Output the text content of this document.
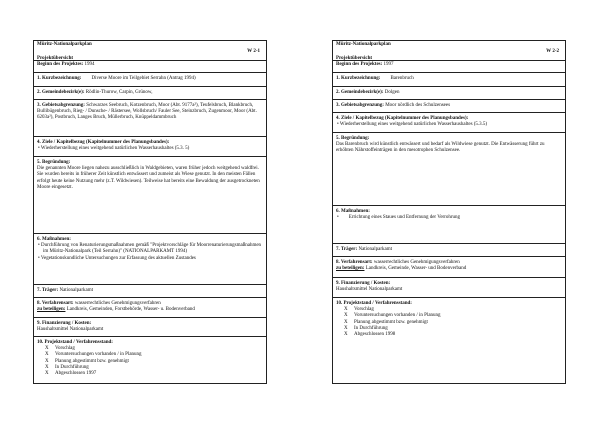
Müritz-Nationalparkplan
W 2-1
Projektübersicht
Beginn des Projektes: 1994
1. Kurzbezeichnung: Diverse Moore im Teilgebiet Serrahn (Antrag 1994)
2. Gemeindebezirk(e): Rödlin-Thurow, Carpin, Grünow,
3. Gebietsabgrenzung: Schwarzes Seebruch, Kotzenbruch, Moor (Abt. 9177a²), Teufelsbruch, Blankbruch, Bullibügenbruch, Rieg- / Dunsche- / Rästersee, Wollsbruch/ Fauler See, Steinzbruch, Zugenmoor, Moor (Abt. 6203a²), Postbruch, Langes Bruch, Müllerbruch, Knüppeldammbruch
4. Ziele / Kapitelbezug (Kapitelnummer des Planungsbandes):
• Wiederherstellung eines weitgehend natürlichen Wasserhaushaltes (5.3. 5)
5. Begründung:
Die genannten Moore liegen nahezu ausschließlich in Waldgebieten, waren früher jedoch weitgehend waldfrei. Sie wurden bereits in früherer Zeit künstlich entwässert und zumeist als Wiese genutzt. In den meisten Fällen erfolgt heute keine Nutzung mehr (z.T. Wildwiesen). Teilweise hat bereits eine Bewaldung der ausgetrockneten Moore eingesetzt.
6. Maßnahmen:
• Durchführung von Renaturierungsmaßnahmen gemäß "Projektvorschläge für Moorrenaturierungsmaßnahmen im Müritz-Nationalpark (Teil Serrahn)" (NATIONALPARKAMT 1994)
• Vegetationskundliche Untersuchungen zur Erfassung des aktuellen Zustandes
7. Träger: Nationalparkamt
8. Verfahrensart: wasserrechtliches Genehmigungsverfahren
zu beteiligen: Landkreis, Gemeinden, Forstbehörde, Wasser- u. Bodenverband
9. Finanzierung / Kosten:
Haushaltsmittel Nationalparkamt
10. Projektstand / Verfahrensstand:
X Vorschlag
X Voruntersuchungen vorhanden / in Planung
X Planung abgestimmt bzw. genehmigt
X In Durchführung
X Abgeschlossen 1997
Müritz-Nationalparkplan
W 2-2
Projektübersicht
Beginn des Projektes: 1997
1. Kurzbezeichnung: Barenbruch
2. Gemeindebezirk(e): Dolgen
3. Gebietsabgrenzung: Moor nördlich des Schulzensees
4. Ziele / Kapitelbezug (Kapitelnummer des Planungsbandes):
• Wiederherstellung eines weitgehend natürlichen Wasserhaushaltes (5.3.5)
5. Begründung:
Das Barenbruch wird künstlich entwässert und bedarf als Wildwiese genutzt. Die Entwässerung führt zu erhöhten Nährstoffeinträgen in den mesotrophen Schulzensee.
6. Maßnahmen:
• Errichtung eines Staues und Entfernung der Verrohrung
7. Träger: Nationalparkamt
8. Verfahrensart: wasserrechtliches Genehmigungsverfahren
zu beteiligen: Landkreis, Gemeinde, Wasser- und Bodenverband
9. Finanzierung / Kosten:
Haushaltsmittel Nationalparkamt
10. Projektstand / Verfahrensstand:
X Vorschlag
X Voruntersuchungen vorhanden / in Planung
X Planung abgestimmt bzw. genehmigt
X In Durchführung
X Abgeschlossen 1998
